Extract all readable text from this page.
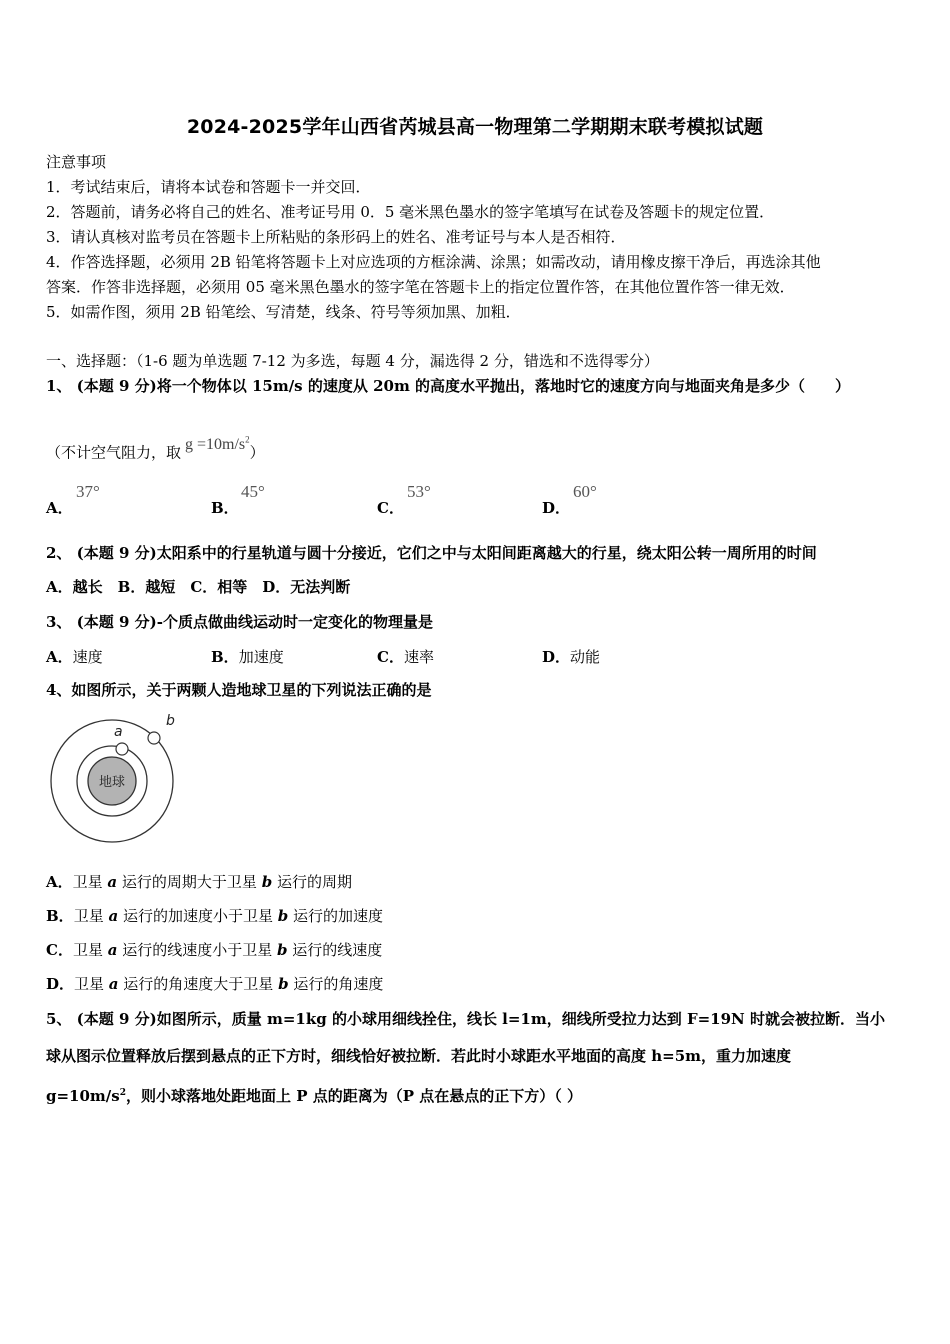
2024-2025学年山西省芮城县高一物理第二学期期末联考模拟试题
注意事项
1．考试结束后，请将本试卷和答题卡一并交回．
2．答题前，请务必将自己的姓名、准考证号用 0．5 毫米黑色墨水的签字笔填写在试卷及答题卡的规定位置．
3．请认真核对监考员在答题卡上所粘贴的条形码上的姓名、准考证号与本人是否相符．
4．作答选择题，必须用 2B 铅笔将答题卡上对应选项的方框涂满、涂黑；如需改动，请用橡皮擦干净后，再选涂其他
答案．作答非选择题，必须用 05 毫米黑色墨水的签字笔在答题卡上的指定位置作答，在其他位置作答一律无效．
5．如需作图，须用 2B 铅笔绘、写清楚，线条、符号等须加黑、加粗．
一、选择题：（1-6 题为单选题 7-12 为多选，每题 4 分，漏选得 2 分，错选和不选得零分）
1、 (本题 9 分)将一个物体以 15m/s 的速度从 20m 的高度水平抛出，落地时它的速度方向与地面夹角是多少（　　）
（不计空气阻力，取 $g =10m/s^2$）
A．
37°
B．
45°
C．
53°
D．
60°
2、 (本题 9 分)太阳系中的行星轨道与圆十分接近，它们之中与太阳间距离越大的行星，绕太阳公转一周所用的时间
A．越长　B．越短　C．相等　D．无法判断
3、 (本题 9 分)-个质点做曲线运动时一定变化的物理量是
A．速度	B．加速度	C．速率	D．动能
4、如图所示，关于两颗人造地球卫星的下列说法正确的是
地球
a
b
A．卫星 a 运行的周期大于卫星 b 运行的周期
B．卫星 a 运行的加速度小于卫星 b 运行的加速度
C．卫星 a 运行的线速度小于卫星 b 运行的线速度
D．卫星 a 运行的角速度大于卫星 b 运行的角速度
5、 (本题 9 分)如图所示，质量 m=1kg 的小球用细线拴住，线长 l=1m，细线所受拉力达到 F=19N 时就会被拉断．当小
球从图示位置释放后摆到悬点的正下方时，细线恰好被拉断．若此时小球距水平地面的高度 h=5m，重力加速度
$g=10m/s^2$，则小球落地处距地面上 P 点的距离为（P 点在悬点的正下方）（ ）
